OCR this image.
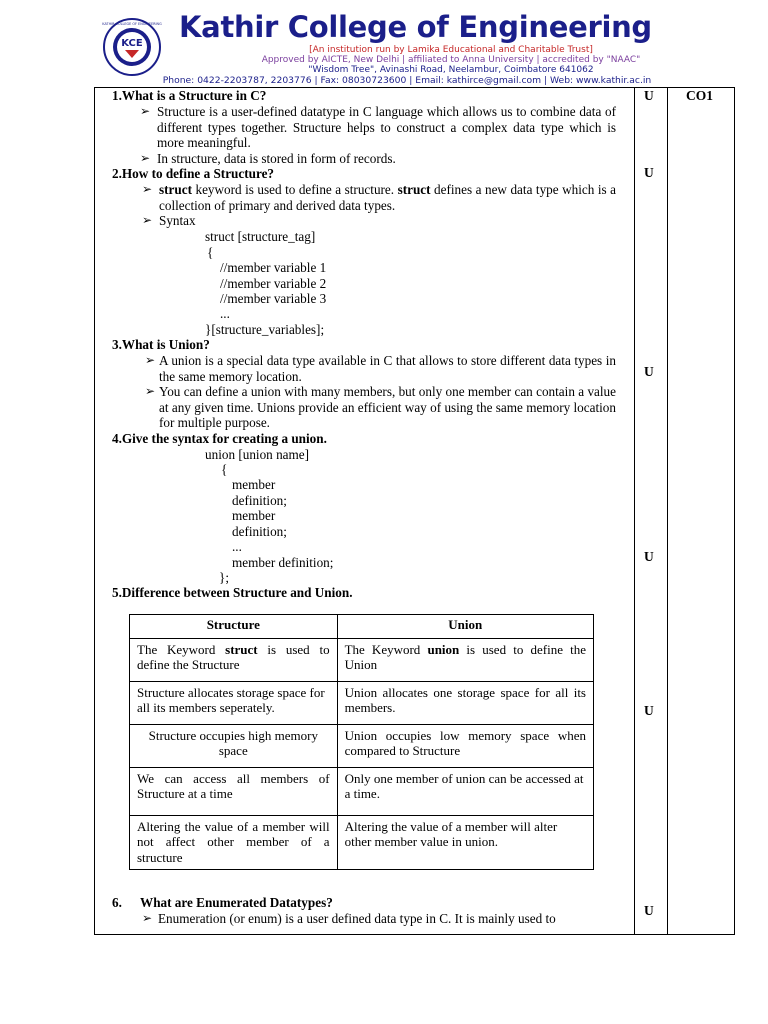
KCE
KATHIR COLLEGE OF ENGINEERING Kathir College of Engineering
[An institution run by Lamika Educational and Charitable Trust]
Approved by AICTE, New Delhi | affiliated to Anna University | accredited by "NAAC"
"Wisdom Tree", Avinashi Road, Neelambur, Coimbatore 641062
Phone: 0422-2203787, 2203776 | Fax: 08030723600 | Email: kathirce@gmail.com | Web: www.kathir.ac.in
CO1
U
U
U
U
U
U
1.What is a Structure in C?
➢ Structure is a user-defined datatype in C language which allows us to combine data of different types together. Structure helps to construct a complex data type which is more meaningful.
➢ In structure, data is stored in form of records.
2.How to define a Structure?
➢ struct keyword is used to define a structure. struct defines a new data type which is a collection of primary and derived data types.
➢ Syntax
struct [structure_tag]
{
//member variable 1
//member variable 2
//member variable 3
...
}[structure_variables];
3.What is Union?
➢ A union is a special data type available in C that allows to store different data types in the same memory location.
➢ You can define a union with many members, but only one member can contain a value at any given time. Unions provide an efficient way of using the same memory location for multiple purpose.
4.Give the syntax for creating a union.
union [union name]
{
member
definition;
member
definition;
...
member definition;
};
5.Difference between Structure and Union.
Structure	Union
The Keyword struct is used to define the Structure	The Keyword union is used to define the Union
Structure allocates storage space for all its members seperately.	Union allocates one storage space for all its members.
Structure occupies high memory space	Union occupies low memory space when compared to Structure
We can access all members of Structure at a time	Only one member of union can be accessed at a time.
Altering the value of a member will not affect other member of a structure	Altering the value of a member will alter other member value in union.
6. What are Enumerated Datatypes?
➢ Enumeration (or enum) is a user defined data type in C. It is mainly used to
